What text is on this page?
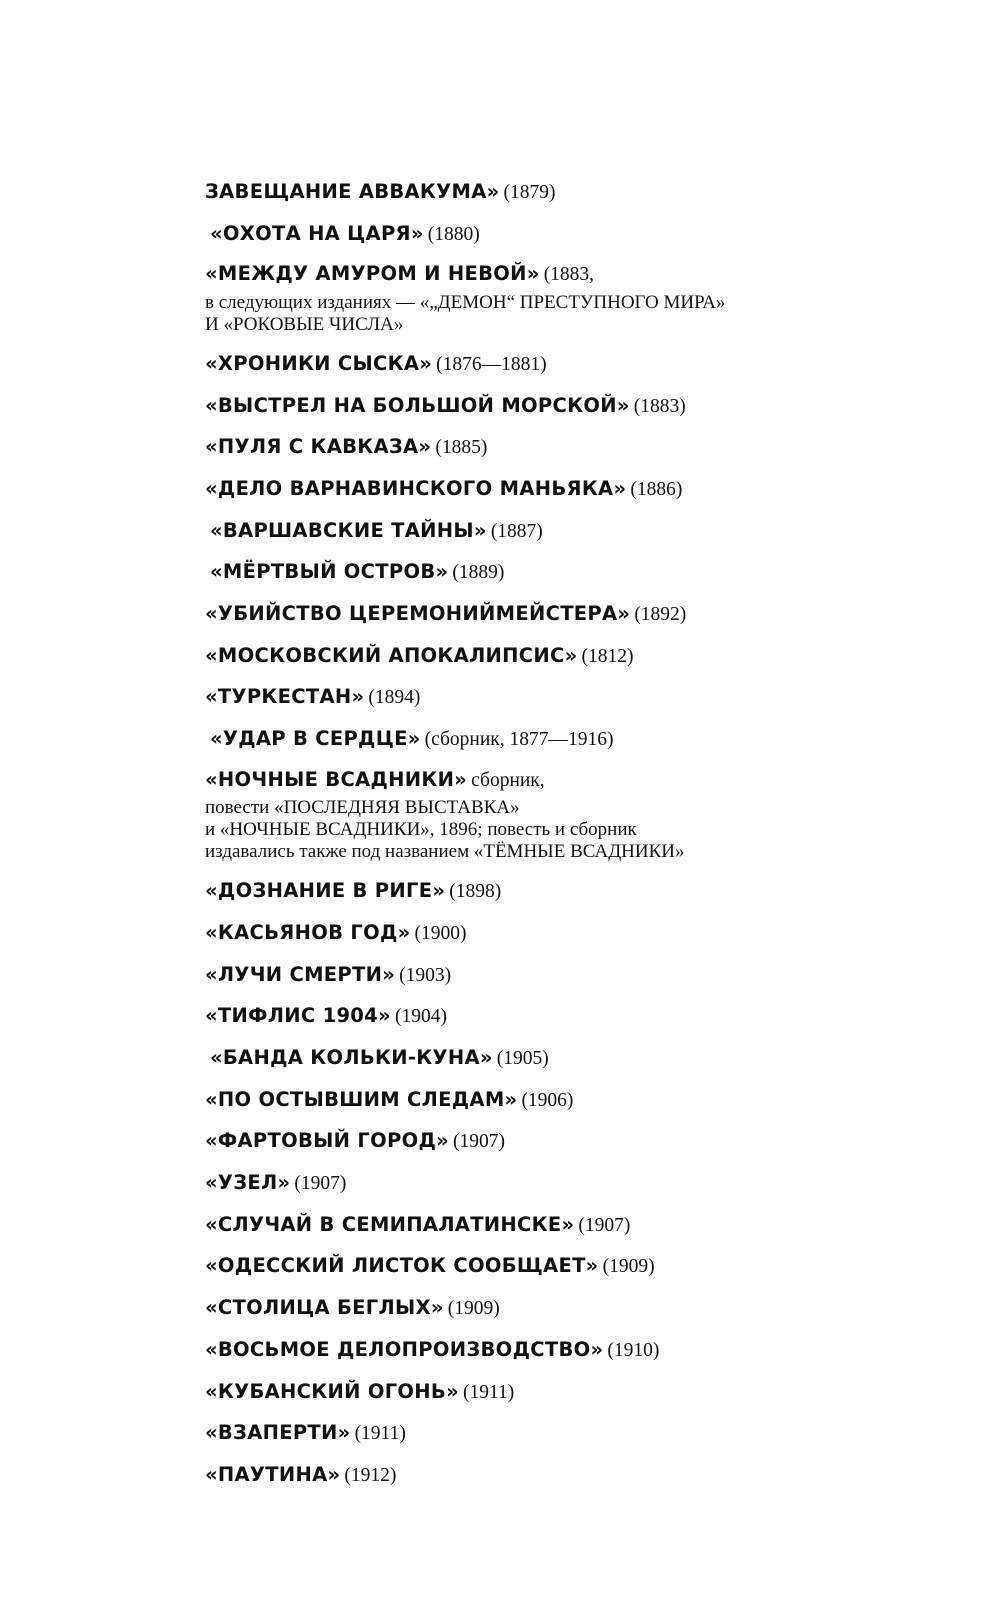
ЗАВЕЩАНИЕ АВВАКУМА» (1879)
«ОХОТА НА ЦАРЯ» (1880)
«МЕЖДУ АМУРОМ И НЕВОЙ» (1883,
в следующих изданиях — «„ДЕМОН“ ПРЕСТУПНОГО МИРА»
И «РОКОВЫЕ ЧИСЛА»
«ХРОНИКИ СЫСКА» (1876—1881)
«ВЫСТРЕЛ НА БОЛЬШОЙ МОРСКОЙ» (1883)
«ПУЛЯ С КАВКАЗА» (1885)
«ДЕЛО ВАРНАВИНСКОГО МАНЬЯКА» (1886)
«ВАРШАВСКИЕ ТАЙНЫ» (1887)
«МЁРТВЫЙ ОСТРОВ» (1889)
«УБИЙСТВО ЦЕРЕМОНИЙМЕЙСТЕРА» (1892)
«МОСКОВСКИЙ АПОКАЛИПСИС» (1812)
«ТУРКЕСТАН» (1894)
«УДАР В СЕРДЦЕ» (сборник, 1877—1916)
«НОЧНЫЕ ВСАДНИКИ» сборник,
повести «ПОСЛЕДНЯЯ ВЫСТАВКА»
и «НОЧНЫЕ ВСАДНИКИ», 1896; повесть и сборник
издавались также под названием «ТЁМНЫЕ ВСАДНИКИ»
«ДОЗНАНИЕ В РИГЕ» (1898)
«КАСЬЯНОВ ГОД» (1900)
«ЛУЧИ СМЕРТИ» (1903)
«ТИФЛИС 1904» (1904)
«БАНДА КОЛЬКИ-КУНА» (1905)
«ПО ОСТЫВШИМ СЛЕДАМ» (1906)
«ФАРТОВЫЙ ГОРОД» (1907)
«УЗЕЛ» (1907)
«СЛУЧАЙ В СЕМИПАЛАТИНСКЕ» (1907)
«ОДЕССКИЙ ЛИСТОК СООБЩАЕТ» (1909)
«СТОЛИЦА БЕГЛЫХ» (1909)
«ВОСЬМОЕ ДЕЛОПРОИЗВОДСТВО» (1910)
«КУБАНСКИЙ ОГОНЬ» (1911)
«ВЗАПЕРТИ» (1911)
«ПАУТИНА» (1912)
